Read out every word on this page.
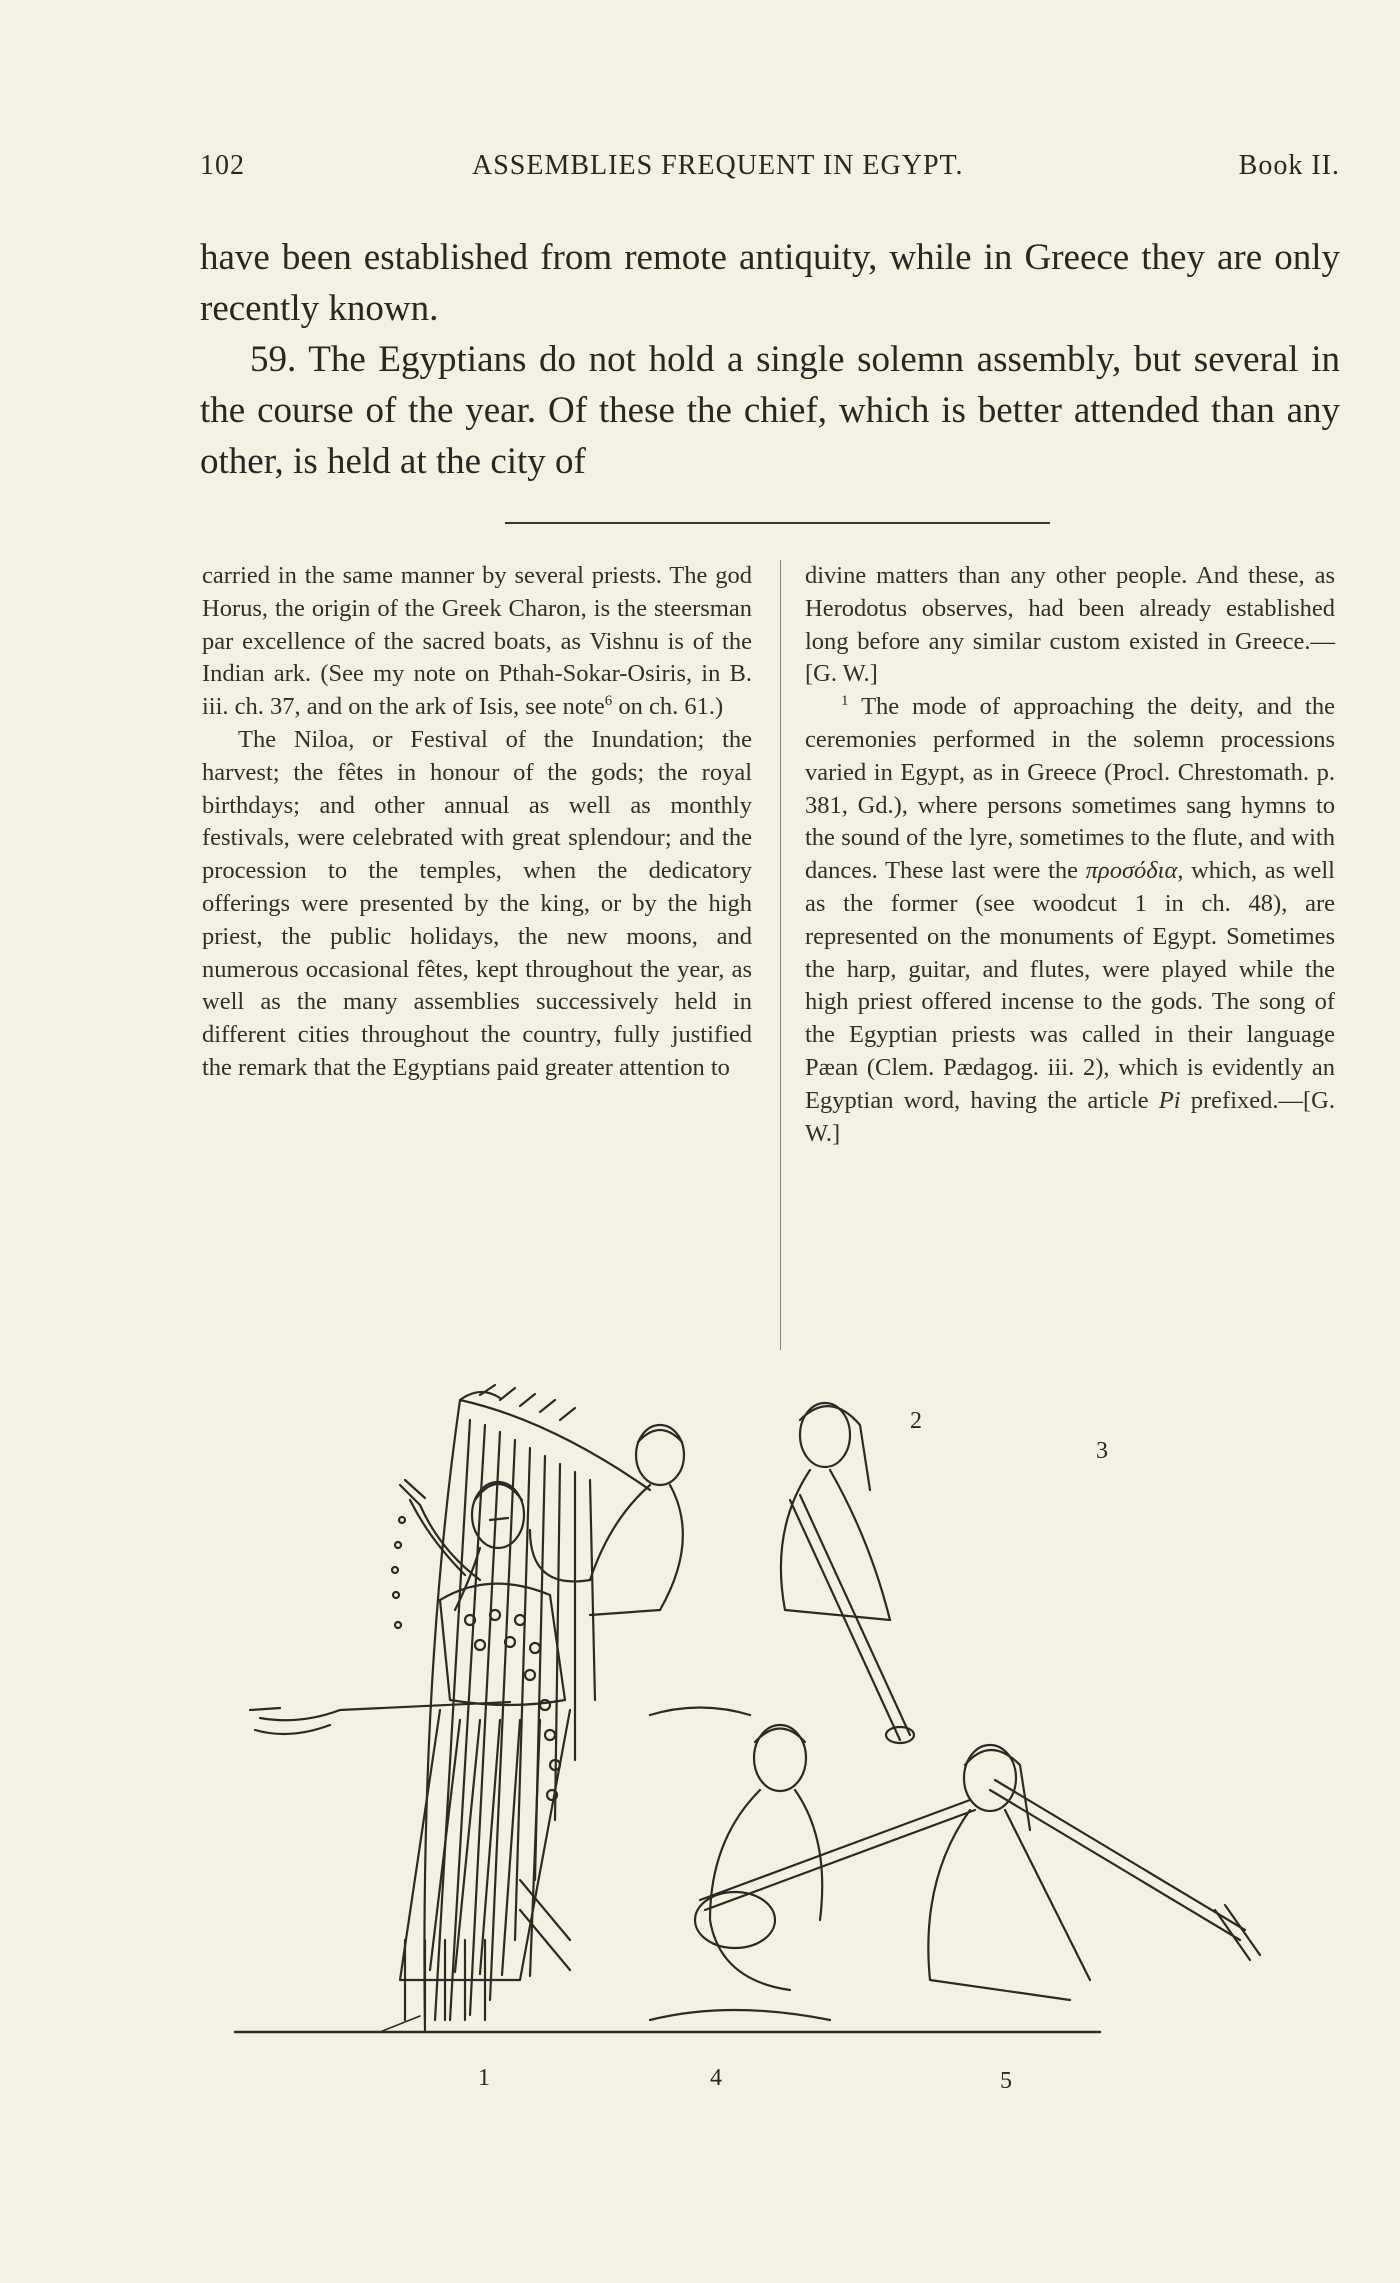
102	ASSEMBLIES FREQUENT IN EGYPT.	Book II.

have been established from remote antiquity, while in Greece they are only recently known.

59. The Egyptians do not hold a single solemn assembly, but several in the course of the year. Of these the chief, which is better attended than any other, is held at the city of

carried in the same manner by several priests. The god Horus, the origin of the Greek Charon, is the steersman par excellence of the sacred boats, as Vishnu is of the Indian ark. (See my note on Pthah-Sokar-Osiris, in B. iii. ch. 37, and on the ark of Isis, see note$^6$ on ch. 61.)

The Niloa, or Festival of the Inundation; the harvest; the fêtes in honour of the gods; the royal birthdays; and other annual as well as monthly festivals, were celebrated with great splendour; and the procession to the temples, when the dedicatory offerings were presented by the king, or by the high priest, the public holidays, the new moons, and numerous occasional fêtes, kept throughout the year, as well as the many assemblies successively held in different cities throughout the country, fully justified the remark that the Egyptians paid greater attention to

divine matters than any other people. And these, as Herodotus observes, had been already established long before any similar custom existed in Greece.—[G. W.]

$^1$ The mode of approaching the deity, and the ceremonies performed in the solemn processions varied in Egypt, as in Greece (Procl. Chrestomath. p. 381, Gd.), where persons sometimes sang hymns to the sound of the lyre, sometimes to the flute, and with dances. These last were the προσόδια, which, as well as the former (see woodcut 1 in ch. 48), are represented on the monuments of Egypt. Sometimes the harp, guitar, and flutes, were played while the high priest offered incense to the gods. The song of the Egyptian priests was called in their language Pæan (Clem. Pædagog. iii. 2), which is evidently an Egyptian word, having the article Pi prefixed.—[G. W.]

1
2
3
4	5
